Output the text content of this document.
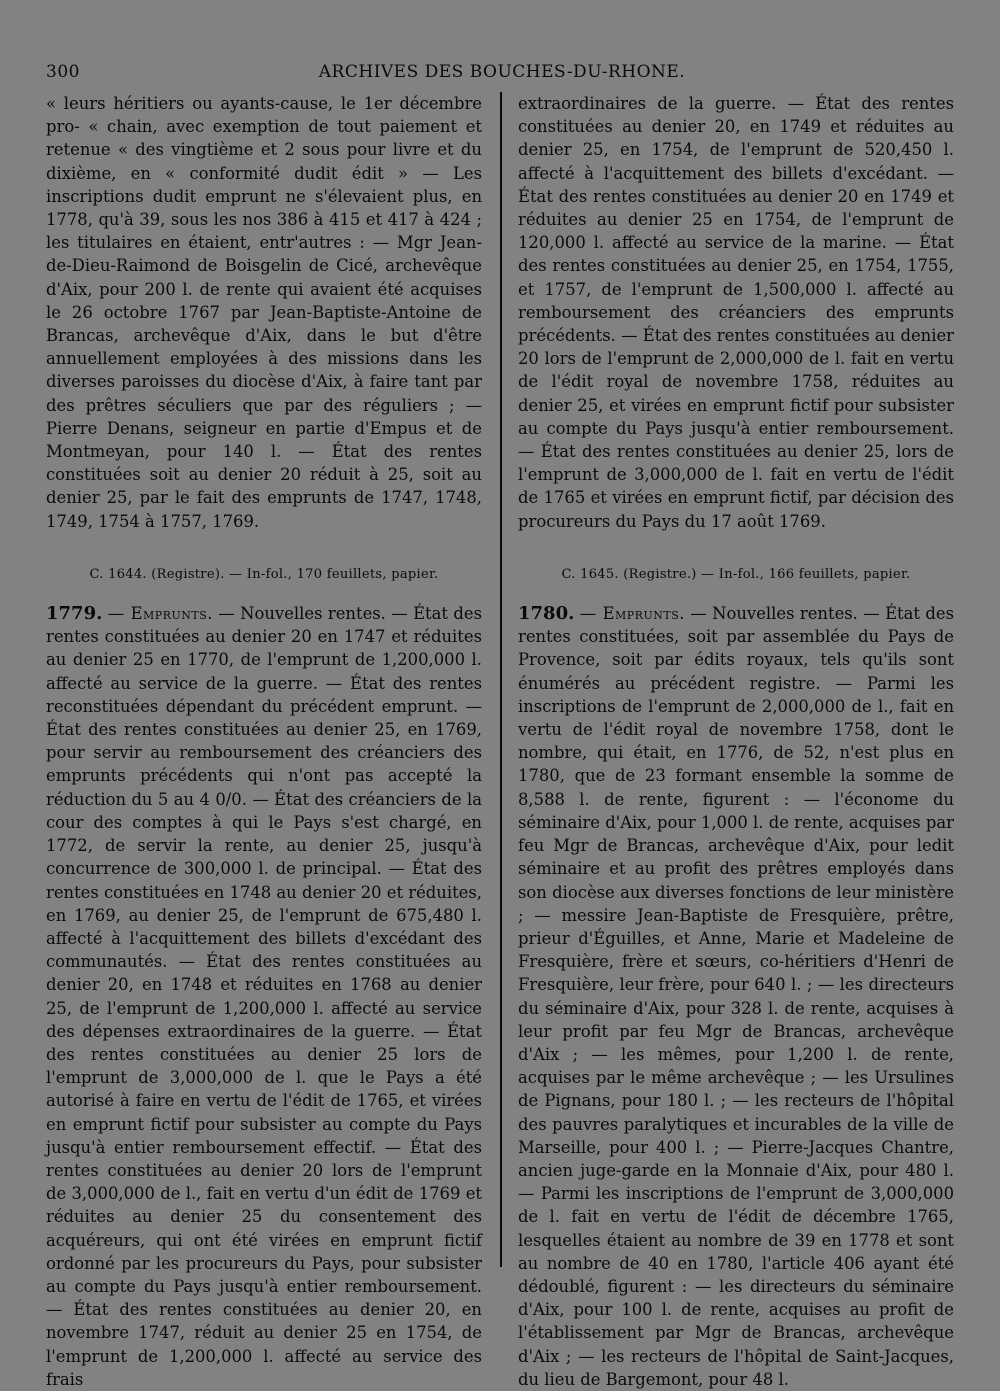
300	ARCHIVES DES BOUCHES-DU-RHONE.

« leurs héritiers ou ayants-cause, le 1er décembre pro- « chain, avec exemption de tout paiement et retenue « des vingtième et 2 sous pour livre et du dixième, en « conformité dudit édit » — Les inscriptions dudit emprunt ne s'élevaient plus, en 1778, qu'à 39, sous les nos 386 à 415 et 417 à 424 ; les titulaires en étaient, entr'autres : — Mgr Jean-de-Dieu-Raimond de Boisgelin de Cicé, archevêque d'Aix, pour 200 l. de rente qui avaient été acquises le 26 octobre 1767 par Jean-Baptiste-Antoine de Brancas, archevêque d'Aix, dans le but d'être annuellement employées à des missions dans les diverses paroisses du diocèse d'Aix, à faire tant par des prêtres séculiers que par des réguliers ; — Pierre Denans, seigneur en partie d'Empus et de Montmeyan, pour 140 l. — État des rentes constituées soit au denier 20 réduit à 25, soit au denier 25, par le fait des emprunts de 1747, 1748, 1749, 1754 à 1757, 1769.

C. 1644. (Registre). — In-fol., 170 feuillets, papier.

1779. — Emprunts. — Nouvelles rentes. — État des rentes constituées au denier 20 en 1747 et réduites au denier 25 en 1770, de l'emprunt de 1,200,000 l. affecté au service de la guerre. — État des rentes reconstituées dépendant du précédent emprunt. — État des rentes constituées au denier 25, en 1769, pour servir au remboursement des créanciers des emprunts précédents qui n'ont pas accepté la réduction du 5 au 4 0/0. — État des créanciers de la cour des comptes à qui le Pays s'est chargé, en 1772, de servir la rente, au denier 25, jusqu'à concurrence de 300,000 l. de principal. — État des rentes constituées en 1748 au denier 20 et réduites, en 1769, au denier 25, de l'emprunt de 675,480 l. affecté à l'acquittement des billets d'excédant des communautés. — État des rentes constituées au denier 20, en 1748 et réduites en 1768 au denier 25, de l'emprunt de 1,200,000 l. affecté au service des dépenses extraordinaires de la guerre. — État des rentes constituées au denier 25 lors de l'emprunt de 3,000,000 de l. que le Pays a été autorisé à faire en vertu de l'édit de 1765, et virées en emprunt fictif pour subsister au compte du Pays jusqu'à entier remboursement effectif. — État des rentes constituées au denier 20 lors de l'emprunt de 3,000,000 de l., fait en vertu d'un édit de 1769 et réduites au denier 25 du consentement des acquéreurs, qui ont été virées en emprunt fictif ordonné par les procureurs du Pays, pour subsister au compte du Pays jusqu'à entier remboursement. — État des rentes constituées au denier 20, en novembre 1747, réduit au denier 25 en 1754, de l'emprunt de 1,200,000 l. affecté au service des frais

extraordinaires de la guerre. — État des rentes constituées au denier 20, en 1749 et réduites au denier 25, en 1754, de l'emprunt de 520,450 l. affecté à l'acquittement des billets d'excédant. — État des rentes constituées au denier 20 en 1749 et réduites au denier 25 en 1754, de l'emprunt de 120,000 l. affecté au service de la marine. — État des rentes constituées au denier 25, en 1754, 1755, et 1757, de l'emprunt de 1,500,000 l. affecté au remboursement des créanciers des emprunts précédents. — État des rentes constituées au denier 20 lors de l'emprunt de 2,000,000 de l. fait en vertu de l'édit royal de novembre 1758, réduites au denier 25, et virées en emprunt fictif pour subsister au compte du Pays jusqu'à entier remboursement. — État des rentes constituées au denier 25, lors de l'emprunt de 3,000,000 de l. fait en vertu de l'édit de 1765 et virées en emprunt fictif, par décision des procureurs du Pays du 17 août 1769.

C. 1645. (Registre.) — In-fol., 166 feuillets, papier.

1780. — Emprunts. — Nouvelles rentes. — État des rentes constituées, soit par assemblée du Pays de Provence, soit par édits royaux, tels qu'ils sont énumérés au précédent registre. — Parmi les inscriptions de l'emprunt de 2,000,000 de l., fait en vertu de l'édit royal de novembre 1758, dont le nombre, qui était, en 1776, de 52, n'est plus en 1780, que de 23 formant ensemble la somme de 8,588 l. de rente, figurent : — l'économe du séminaire d'Aix, pour 1,000 l. de rente, acquises par feu Mgr de Brancas, archevêque d'Aix, pour ledit séminaire et au profit des prêtres employés dans son diocèse aux diverses fonctions de leur ministère ; — messire Jean-Baptiste de Fresquière, prêtre, prieur d'Éguilles, et Anne, Marie et Madeleine de Fresquière, frère et sœurs, co-héritiers d'Henri de Fresquière, leur frère, pour 640 l. ; — les directeurs du séminaire d'Aix, pour 328 l. de rente, acquises à leur profit par feu Mgr de Brancas, archevêque d'Aix ; — les mêmes, pour 1,200 l. de rente, acquises par le même archevêque ; — les Ursulines de Pignans, pour 180 l. ; — les recteurs de l'hôpital des pauvres paralytiques et incurables de la ville de Marseille, pour 400 l. ; — Pierre-Jacques Chantre, ancien juge-garde en la Monnaie d'Aix, pour 480 l. — Parmi les inscriptions de l'emprunt de 3,000,000 de l. fait en vertu de l'édit de décembre 1765, lesquelles étaient au nombre de 39 en 1778 et sont au nombre de 40 en 1780, l'article 406 ayant été dédoublé, figurent : — les directeurs du séminaire d'Aix, pour 100 l. de rente, acquises au profit de l'établissement par Mgr de Brancas, archevêque d'Aix ; — les recteurs de l'hôpital de Saint-Jacques, du lieu de Bargemont, pour 48 l.
